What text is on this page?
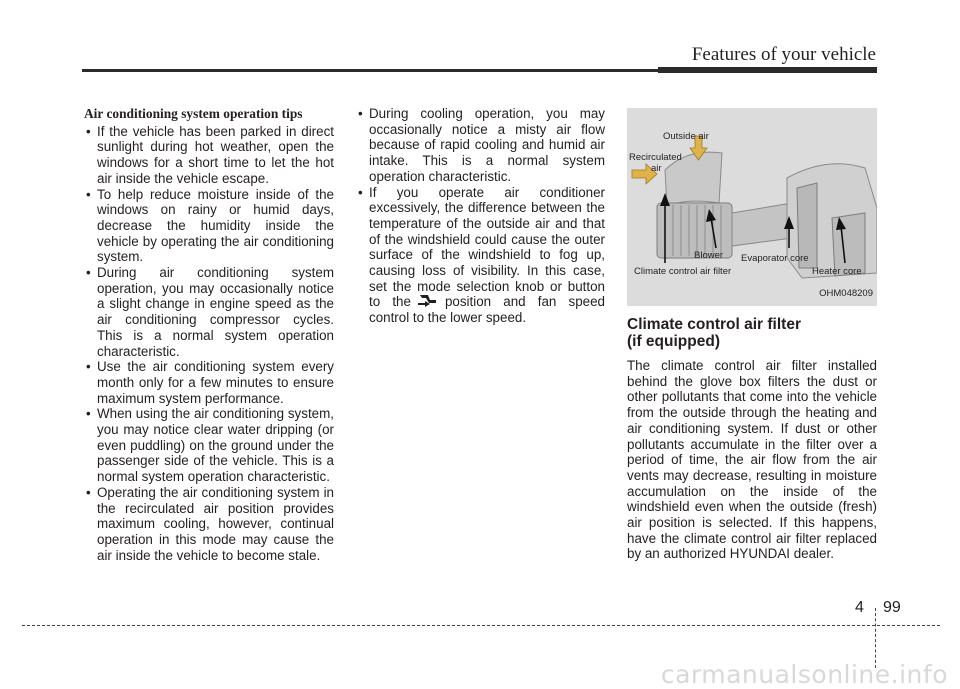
Features of your vehicle
Air conditioning system operation tips
• If the vehicle has been parked in direct sunlight during hot weather, open the windows for a short time to let the hot air inside the vehicle escape.
• To help reduce moisture inside of the windows on rainy or humid days, decrease the humidity inside the vehicle by operating the air conditioning system.
• During air conditioning system operation, you may occasionally notice a slight change in engine speed as the air conditioning compressor cycles. This is a normal system operation characteristic.
• Use the air conditioning system every month only for a few minutes to ensure maximum system performance.
• When using the air conditioning system, you may notice clear water dripping (or even puddling) on the ground under the passenger side of the vehicle. This is a normal system operation characteristic.
• Operating the air conditioning system in the recirculated air position provides maximum cooling, however, continual operation in this mode may cause the air inside the vehicle to become stale.
• During cooling operation, you may occasionally notice a misty air flow because of rapid cooling and humid air intake. This is a normal system operation characteristic.
• If you operate air conditioner excessively, the difference between the temperature of the outside air and that of the windshield could cause the outer surface of the windshield to fog up, causing loss of visibility. In this case, set the mode selection knob or button to the	position and fan speed control to the lower speed.
Outside air
Recirculated
air
Blower Evaporator core
Climate control air filter	Heater core
OHM048209
Climate control air filter
(if equipped)

The climate control air filter installed behind the glove box filters the dust or other pollutants that come into the vehicle from the outside through the heating and air conditioning system. If dust or other pollutants accumulate in the filter over a period of time, the air flow from the air vents may decrease, resulting in moisture accumulation on the inside of the windshield even when the outside (fresh) air position is selected. If this happens, have the climate control air filter replaced by an authorized HYUNDAI dealer.

4 99
carmanualsonline.info
